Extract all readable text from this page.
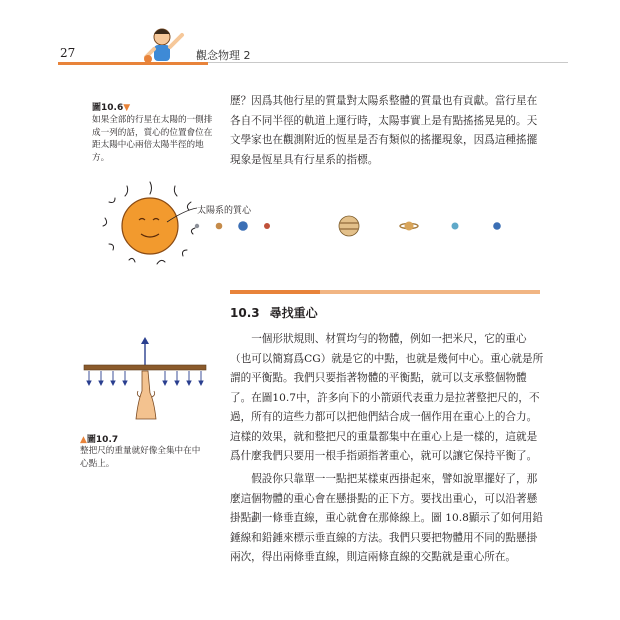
27	觀念物理 2
圖10.6▼
如果全部的行星在太陽的一側排
成一列的話，質心的位置會位在
距太陽中心兩倍太陽半徑的地
方。

歷？因爲其他行星的質量對太陽系整體的質量也有貢獻。當行星在

各自不同半徑的軌道上運行時，太陽事實上是有點搖搖晃晃的。天

文學家也在觀測附近的恆星是否有類似的搖擺現象，因爲這種搖擺

現象是恆星具有行星系的指標。

太陽系的質心
10.3 尋找重心
▲圖10.7
整把尺的重量就好像全集中在中
心點上。

一個形狀規則、材質均勻的物體，例如一把米尺，它的重心

（也可以簡寫爲CG）就是它的中點，也就是幾何中心。重心就是所

謂的平衡點。我們只要指著物體的平衡點，就可以支承整個物體

了。在圖10.7中，許多向下的小箭頭代表重力是拉著整把尺的，不

過，所有的這些力都可以把他們結合成一個作用在重心上的合力。

這樣的效果，就和整把尺的重量都集中在重心上是一樣的，這就是

爲什麼我們只要用一根手指頭指著重心，就可以讓它保持平衡了。

假設你只靠單一一點把某樣東西掛起來，譬如說單擺好了，那

麼這個物體的重心會在懸掛點的正下方。要找出重心，可以沿著懸

掛點劃一條垂直線，重心就會在那條線上。圖 10.8顯示了如何用鉛

錘線和鉛錘來標示垂直線的方法。我們只要把物體用不同的點懸掛

兩次，得出兩條垂直線，則這兩條直線的交點就是重心所在。
